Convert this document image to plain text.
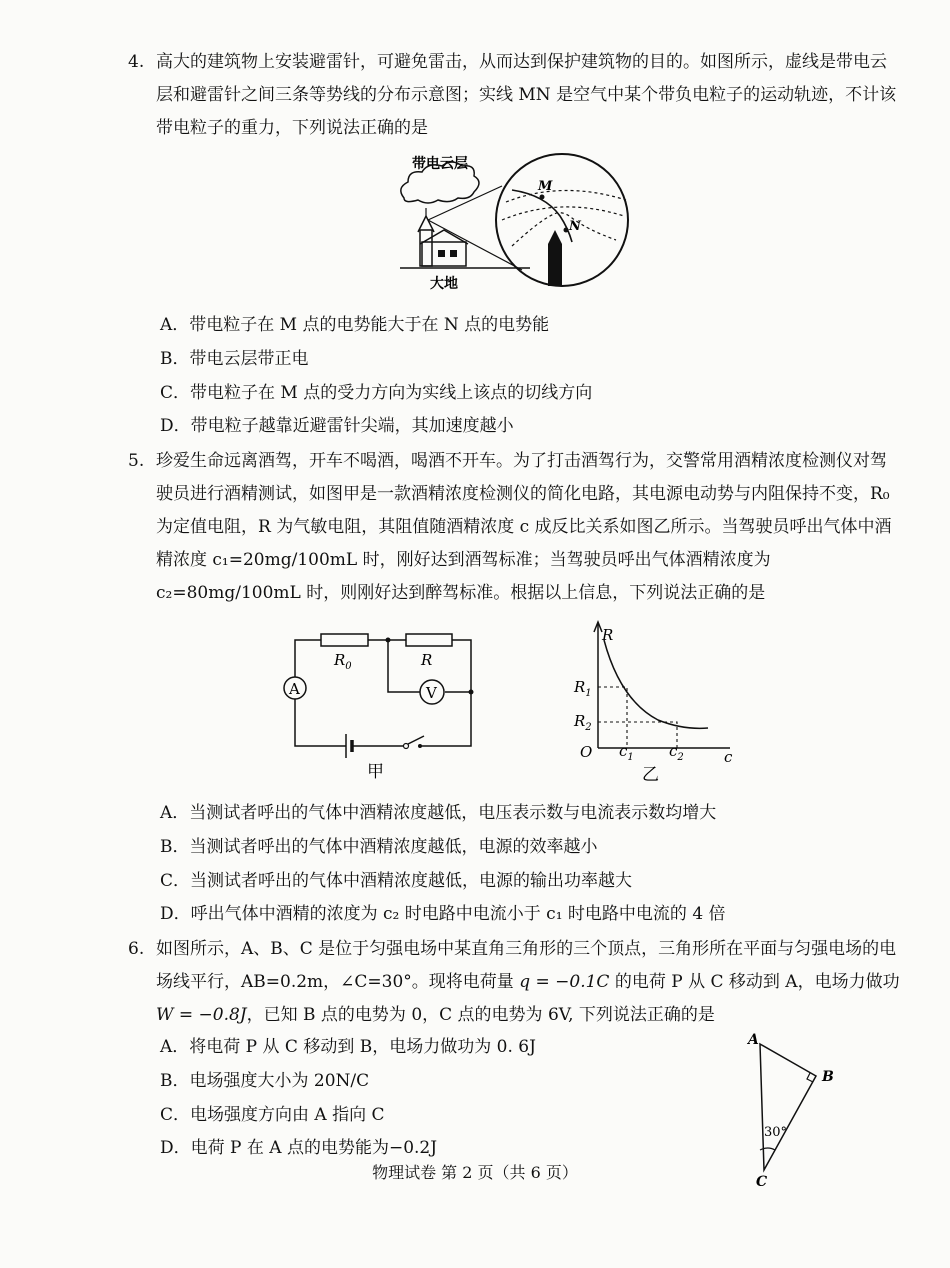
4. 高大的建筑物上安装避雷针，可避免雷击，从而达到保护建筑物的目的。如图所示，虚线是带电云层和避雷针之间三条等势线的分布示意图；实线 MN 是空气中某个带负电粒子的运动轨迹，不计该带电粒子的重力，下列说法正确的是
带电云层
大地
M
N
A．带电粒子在 M 点的电势能大于在 N 点的电势能
B．带电云层带正电
C．带电粒子在 M 点的受力方向为实线上该点的切线方向
D．带电粒子越靠近避雷针尖端，其加速度越小
5. 珍爱生命远离酒驾，开车不喝酒，喝酒不开车。为了打击酒驾行为，交警常用酒精浓度检测仪对驾驶员进行酒精测试，如图甲是一款酒精浓度检测仪的简化电路，其电源电动势与内阻保持不变，R₀为定值电阻，R 为气敏电阻，其阻值随酒精浓度 c 成反比关系如图乙所示。当驾驶员呼出气体中酒精浓度 c₁=20mg/100mL 时，刚好达到酒驾标准；当驾驶员呼出气体酒精浓度为 c₂=80mg/100mL 时，则刚好达到醉驾标准。根据以上信息，下列说法正确的是
$R_0$	R
A	V
甲
R
$R_1$
$R_2$
O $c_1$ $c_2$	c
乙
A．当测试者呼出的气体中酒精浓度越低，电压表示数与电流表示数均增大
B．当测试者呼出的气体中酒精浓度越低，电源的效率越小
C．当测试者呼出的气体中酒精浓度越低，电源的输出功率越大
D．呼出气体中酒精的浓度为 c₂ 时电路中电流小于 c₁ 时电路中电流的 4 倍
6. 如图所示，A、B、C 是位于匀强电场中某直角三角形的三个顶点，三角形所在平面与匀强电场的电场线平行，AB=0.2m，∠C=30°。现将电荷量 q = −0.1C 的电荷 P 从 C 移动到 A，电场力做功 W = −0.8J，已知 B 点的电势为 0，C 点的电势为 6V, 下列说法正确的是
A．将电荷 P 从 C 移动到 B，电场力做功为 0. 6J
B．电场强度大小为 20N/C
C．电场强度方向由 A 指向 C
D．电荷 P 在 A 点的电势能为−0.2J
A
B
C
30°
物理试卷 第 2 页（共 6 页）
